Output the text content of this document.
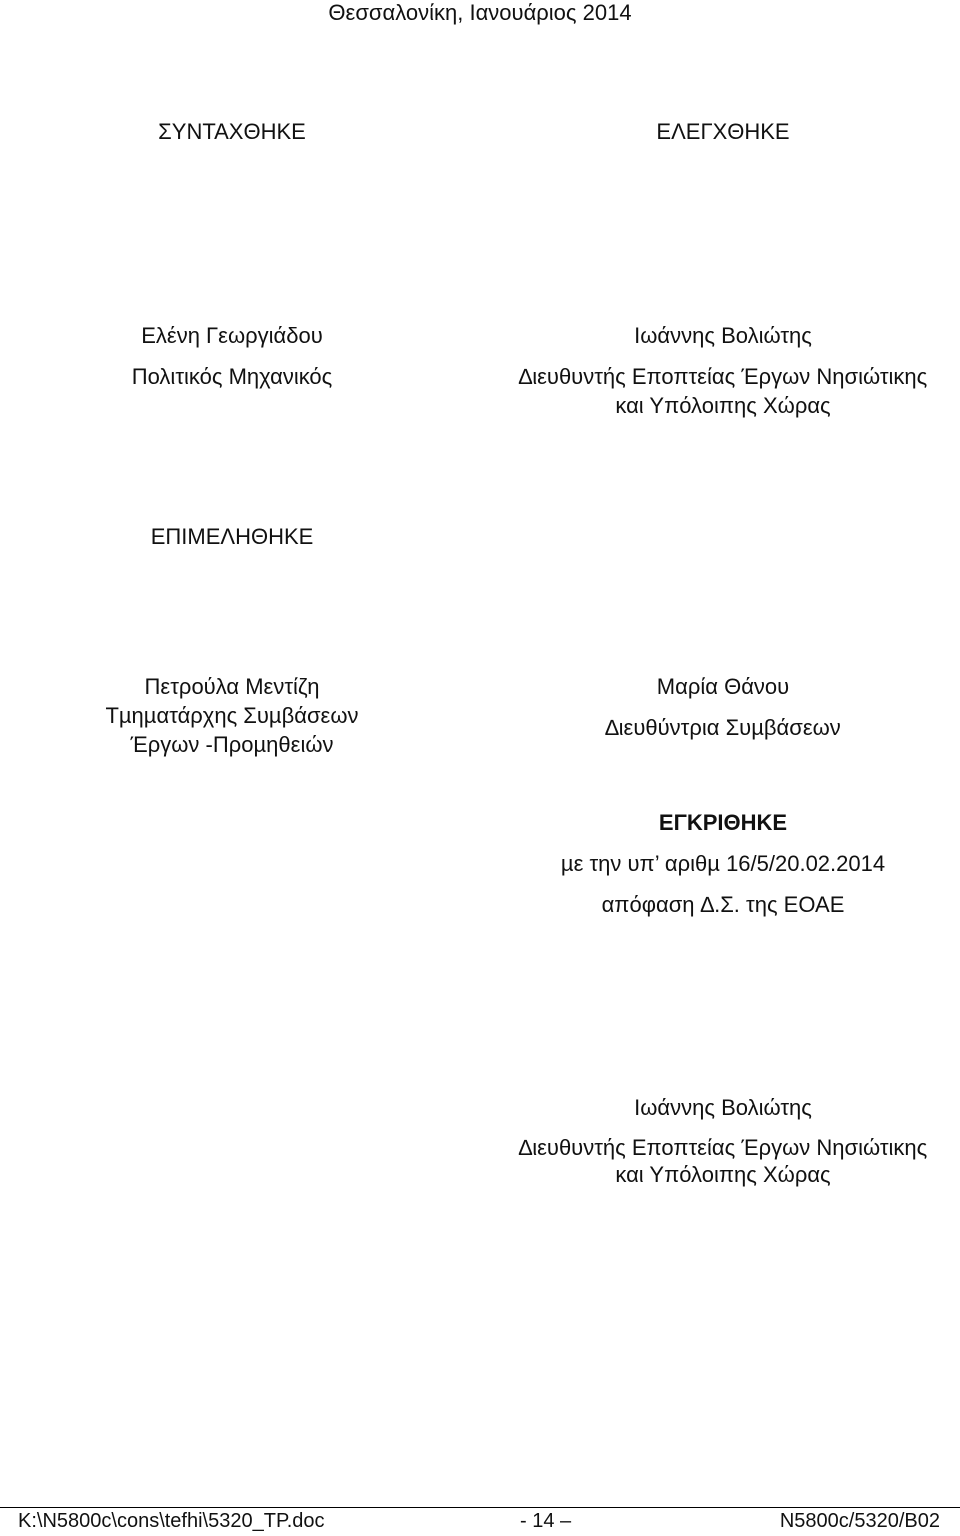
Θεσσαλονίκη, Ιανουάριος 2014
ΣΥΝΤΑΧΘΗΚΕ
Ελένη Γεωργιάδου
Πολιτικός Μηχανικός
ΕΛΕΓΧΘΗΚΕ
Ιωάννης Βολιώτης
∆ιευθυντής Εποπτείας Έργων Νησιώτικης
και Υπόλοιπης Χώρας
ΕΠΙΜΕΛΗΘΗΚΕ
Πετρούλα Μεντίζη
Τµηµατάρχης Συµβάσεων
Έργων -Προµηθειών
Μαρία Θάνου
∆ιευθύντρια Συµβάσεων
ΕΓΚΡΙΘΗΚΕ
µε την υπ’ αριθµ 16/5/20.02.2014
απόφαση ∆.Σ. της ΕΟΑΕ
Ιωάννης Βολιώτης
∆ιευθυντής Εποπτείας Έργων Νησιώτικης
και Υπόλοιπης Χώρας
K:\N5800c\cons\tefhi\5320_TP.doc	- 14 –	N5800c/5320/B02
